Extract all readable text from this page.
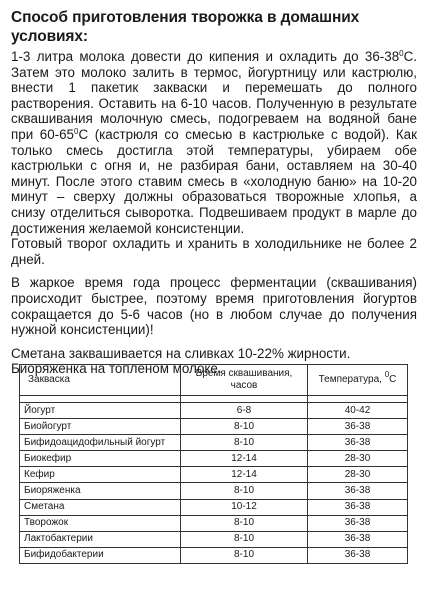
Способ приготовления творожка в домашних условиях:

1-3 литра молока довести до кипения и охладить до $36-38^0С$. Затем это молоко залить в термос, йогуртницу или кастрюлю, внести 1 пакетик закваски и перемешать до полного растворения. Оставить на 6-10 часов. Полученную в результате сквашивания молочную смесь, подогреваем на водяной бане при $60-65^0С$ (кастрюля со смесью в кастрюльке с водой). Как только смесь достигла этой температуры, убираем обе кастрюльки с огня и, не разбирая бани, оставляем на 30-40 минут. После этого ставим смесь в «холодную баню» на 10-20 минут – сверху должны образоваться творожные хлопья, а снизу отделиться сыворотка. Подвешиваем продукт в марле до достижения желаемой консистенции.

Готовый творог охладить и хранить в холодильнике не более 2 дней.

В жаркое время года процесс ферментации (сквашивания) происходит быстрее, поэтому время приготовления йогуртов сокращается до 5-6 часов (но в любом случае до получения нужной консистенции)!

Сметана заквашивается на сливках 10-22% жирности.

Биоряженка на топленом молоке.

Закваска	Время сквашивания, часов	Температура, $^0$С

Йогурт	6-8	40-42
Биойогурт	8-10	36-38
Бифидоацидофильный йогурт	8-10	36-38
Биокефир	12-14	28-30
Кефир	12-14	28-30
Биоряженка	8-10	36-38
Сметана	10-12	36-38
Творожок	8-10	36-38
Лактобактерии	8-10	36-38
Бифидобактерии	8-10	36-38
